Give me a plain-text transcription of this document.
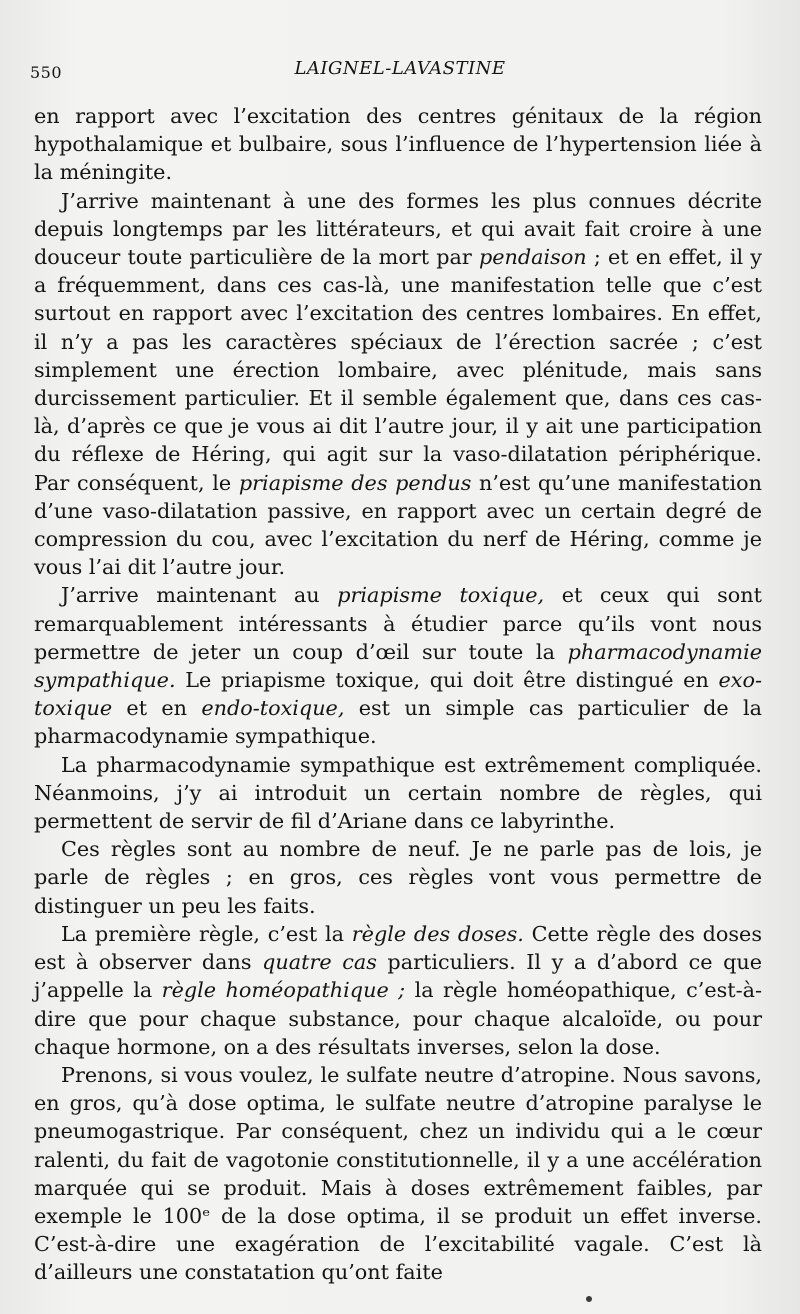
550	LAIGNEL-LAVASTINE

en rapport avec l’excitation des centres génitaux de la région hypothalamique et bulbaire, sous l’influence de l’hypertension liée à la méningite.

J’arrive maintenant à une des formes les plus connues décrite depuis longtemps par les littérateurs, et qui avait fait croire à une douceur toute particulière de la mort par pendaison ; et en effet, il y a fréquemment, dans ces cas-là, une manifestation telle que c’est surtout en rapport avec l’excitation des centres lombaires. En effet, il n’y a pas les caractères spéciaux de l’érection sacrée ; c’est simplement une érection lombaire, avec plénitude, mais sans durcissement particulier. Et il semble également que, dans ces cas-là, d’après ce que je vous ai dit l’autre jour, il y ait une participation du réflexe de Héring, qui agit sur la vaso-dilatation périphérique. Par conséquent, le priapisme des pendus n’est qu’une manifestation d’une vaso-dilatation passive, en rapport avec un certain degré de compression du cou, avec l’excitation du nerf de Héring, comme je vous l’ai dit l’autre jour.

J’arrive maintenant au priapisme toxique, et ceux qui sont remarquablement intéressants à étudier parce qu’ils vont nous permettre de jeter un coup d’œil sur toute la pharmacodynamie sympathique. Le priapisme toxique, qui doit être distingué en exo-toxique et en endo-toxique, est un simple cas particulier de la pharmacodynamie sympathique.

La pharmacodynamie sympathique est extrêmement compliquée. Néanmoins, j’y ai introduit un certain nombre de règles, qui permettent de servir de fil d’Ariane dans ce labyrinthe.

Ces règles sont au nombre de neuf. Je ne parle pas de lois, je parle de règles ; en gros, ces règles vont vous permettre de distinguer un peu les faits.

La première règle, c’est la règle des doses. Cette règle des doses est à observer dans quatre cas particuliers. Il y a d’abord ce que j’appelle la règle homéopathique ; la règle homéopathique, c’est-à-dire que pour chaque substance, pour chaque alcaloïde, ou pour chaque hormone, on a des résultats inverses, selon la dose.

Prenons, si vous voulez, le sulfate neutre d’atropine. Nous savons, en gros, qu’à dose optima, le sulfate neutre d’atropine paralyse le pneumogastrique. Par conséquent, chez un individu qui a le cœur ralenti, du fait de vagotonie constitutionnelle, il y a une accélération marquée qui se produit. Mais à doses extrêmement faibles, par exemple le 100ᵉ de la dose optima, il se produit un effet inverse. C’est-à-dire une exagération de l’excitabilité vagale. C’est là d’ailleurs une constatation qu’ont faite
